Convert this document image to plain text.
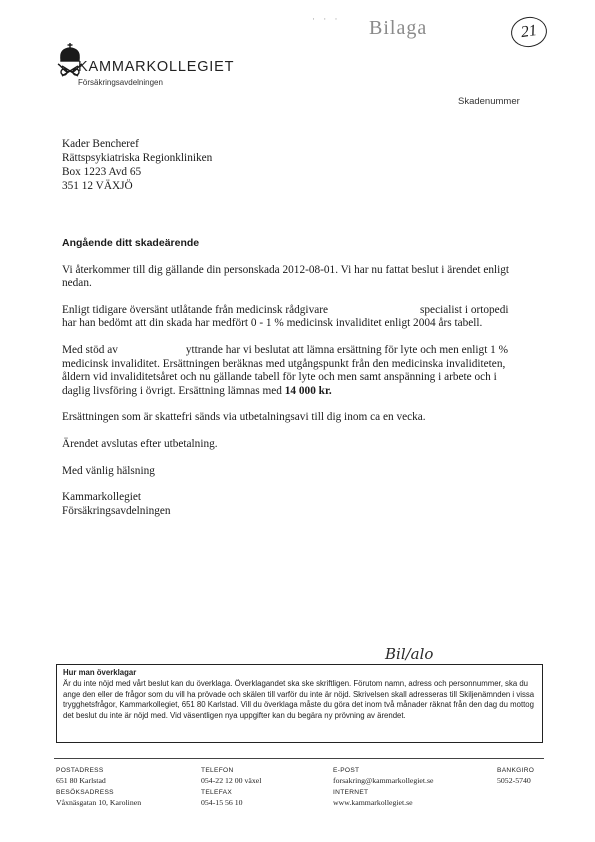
· · · Bilaga	21
KAMMARKOLLEGIET
Försäkringsavdelningen
Skadenummer
Kader Bencheref
Rättspsykiatriska Regionkliniken
Box 1223 Avd 65
351 12 VÄXJÖ
Angående ditt skadeärende
Vi återkommer till dig gällande din personskada 2012-08-01. Vi har nu fattat beslut i ärendet enligt nedan.
Enligt tidigare översänt utlåtande från medicinsk rådgivare	specialist i ortopedi har han bedömt att din skada har medfört 0 - 1 % medicinsk invaliditet enligt 2004 års tabell.
Med stöd av	yttrande har vi beslutat att lämna ersättning för lyte och men enligt 1 % medicinsk invaliditet. Ersättningen beräknas med utgångspunkt från den medicinska invaliditeten, åldern vid invaliditetsåret och nu gällande tabell för lyte och men samt anspänning i arbete och i daglig livsföring i övrigt. Ersättning lämnas med 14 000 kr.
Ersättningen som är skattefri sänds via utbetalningsavi till dig inom ca en vecka.
Ärendet avslutas efter utbetalning.
Med vänlig hälsning
Kammarkollegiet
Försäkringsavdelningen
Bil/alo
Hur man överklagar
Är du inte nöjd med vårt beslut kan du överklaga. Överklagandet ska ske skriftligen. Förutom namn, adress och personnummer, ska du ange den eller de frågor som du vill ha prövade och skälen till varför du inte är nöjd. Skrivelsen skall adresseras till Skiljenämnden i vissa trygghetsfrågor, Kammarkollegiet, 651 80 Karlstad. Vill du överklaga måste du göra det inom två månader räknat från den dag du mottog det beslut du inte är nöjd med. Vid väsentligen nya uppgifter kan du begära ny prövning av ärendet.
POSTADRESS
651 80 Karlstad
BESÖKSADRESS
Våxnäsgatan 10, Karolinen
TELEFON
054-22 12 00 växel
TELEFAX
054-15 56 10
E-POST
forsakring@kammarkollegiet.se
INTERNET
www.kammarkollegiet.se
BANKGIRO
5052-5740
